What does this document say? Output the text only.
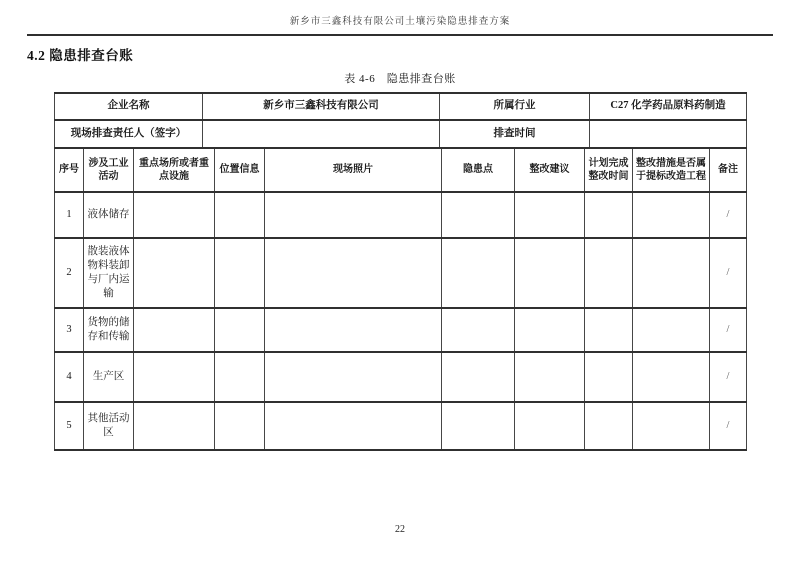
新乡市三鑫科技有限公司土壤污染隐患排查方案
4.2 隐患排查台账
表 4-6　隐患排查台账
企业名称	新乡市三鑫科技有限公司	所属行业	C27 化学药品原料药制造
现场排查责任人（签字）		排查时间	
序号	涉及工业活动	重点场所或者重点设施	位置信息	现场照片	隐患点	整改建议	计划完成整改时间	整改措施是否属于提标改造工程	备注
1	液体储存								/
2	散装液体物料装卸与厂内运输								/
3	货物的储存和传输								/
4	生产区								/
5	其他活动区								/
22
